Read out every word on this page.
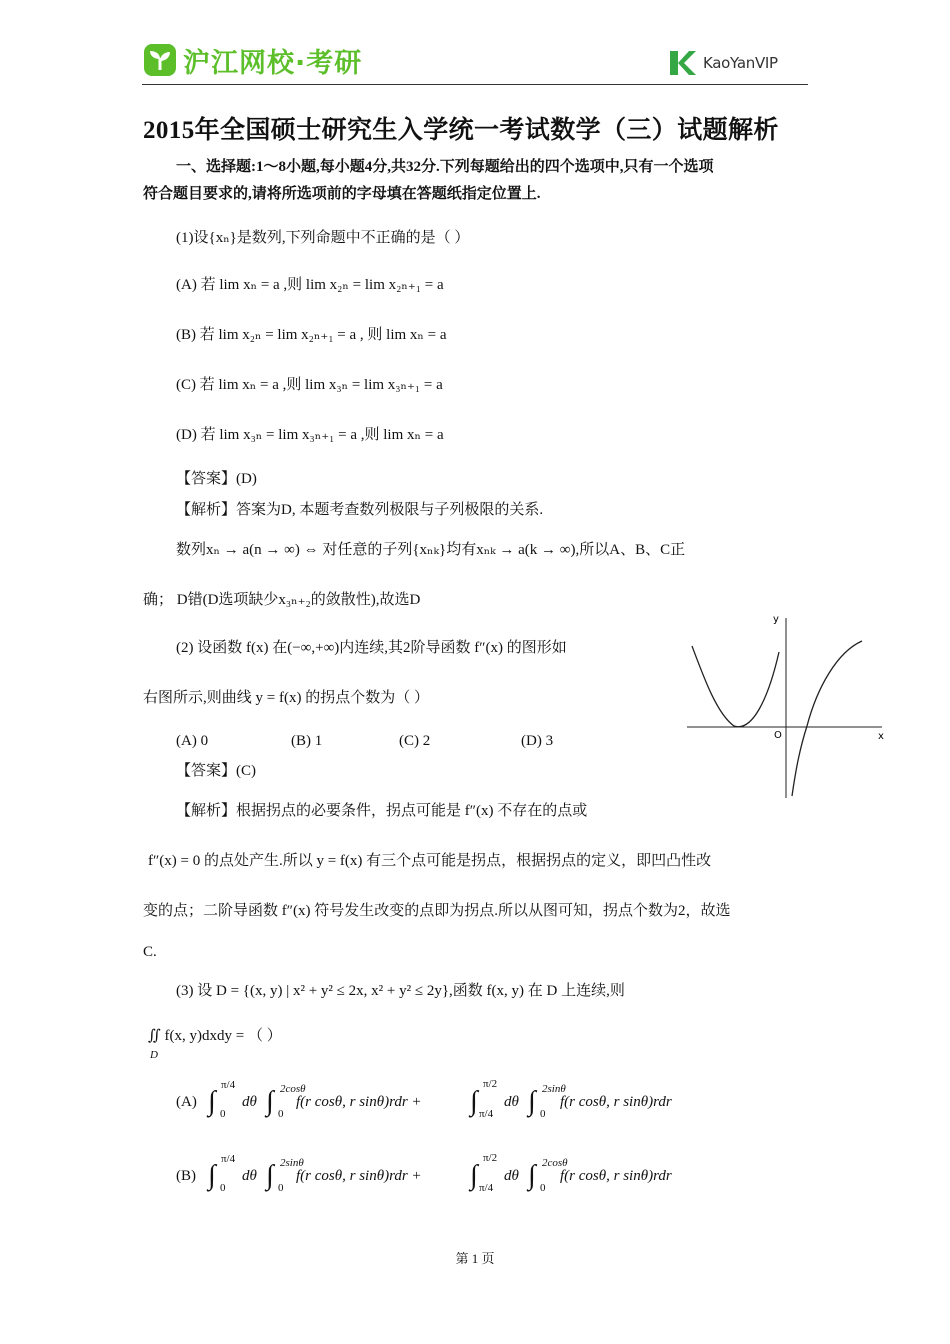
沪江网校·考研	KaoYanVIP
2015年全国硕士研究生入学统一考试数学（三）试题解析
一、选择题:1～8小题,每小题4分,共32分.下列每题给出的四个选项中,只有一个选项
符合题目要求的,请将所选项前的字母填在答题纸指定位置上.
(1)设{xₙ}是数列,下列命题中不正确的是（ ）
(A) 若 lim xₙ = a ,则 lim x₂ₙ = lim x₂ₙ₊₁ = a
(B) 若 lim x₂ₙ = lim x₂ₙ₊₁ = a , 则 lim xₙ = a
(C) 若 lim xₙ = a ,则 lim x₃ₙ = lim x₃ₙ₊₁ = a
(D) 若 lim x₃ₙ = lim x₃ₙ₊₁ = a ,则 lim xₙ = a
【答案】(D)
【解析】答案为D, 本题考查数列极限与子列极限的关系.
数列xₙ → a(n → ∞) ⇔ 对任意的子列{xₙₖ}均有xₙₖ → a(k → ∞),所以A、B、C正
确； D错(D选项缺少x₃ₙ₊₂的敛散性),故选D
(2) 设函数 f(x) 在(−∞,+∞)内连续,其2阶导函数 f″(x) 的图形如
右图所示,则曲线 y = f(x) 的拐点个数为（ ）
(A) 0	(B) 1	(C) 2	(D) 3
【答案】(C)
【解析】根据拐点的必要条件，拐点可能是 f″(x) 不存在的点或
f″(x) = 0 的点处产生.所以 y = f(x) 有三个点可能是拐点，根据拐点的定义，即凹凸性改
变的点；二阶导函数 f″(x) 符号发生改变的点即为拐点.所以从图可知，拐点个数为2，故选
C.
y
x
O
(3) 设 D = {(x, y) | x² + y² ≤ 2x, x² + y² ≤ 2y},函数 f(x, y) 在 D 上连续,则
∬ f(x, y)dxdy = （ ）
D
(A) ∫
π/4
0
dθ ∫ 2cosθ
0
f(r cosθ, r sinθ)rdr + ∫
π/2
π/4
dθ ∫ 2sinθ
0
f(r cosθ, r sinθ)rdr
(B) ∫
π/4
0
dθ ∫ 2sinθ
0
f(r cosθ, r sinθ)rdr + ∫
π/2
π/4
dθ ∫ 2cosθ
0
f(r cosθ, r sinθ)rdr
第 1 页
